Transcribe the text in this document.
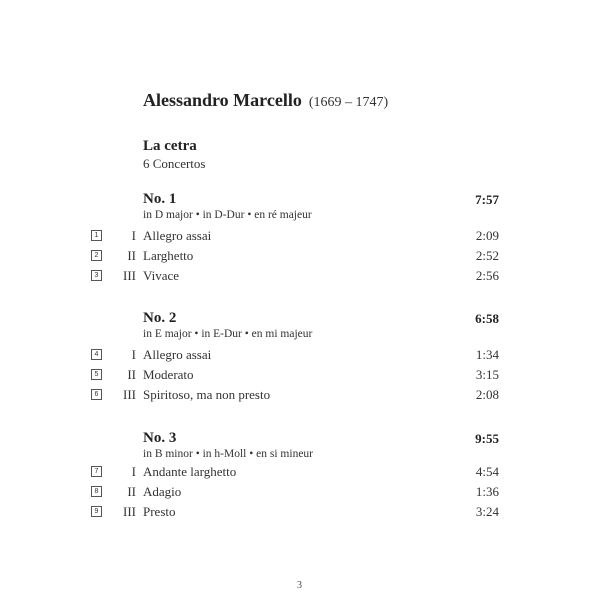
Alessandro Marcello (1669 – 1747)
La cetra
6 Concertos
No. 1	7:57
in D major • in D-Dur • en ré majeur
1	I Allegro assai	2:09
2 II Larghetto	2:52
3 III Vivace	2:56
No. 2	6:58
in E major • in E-Dur • en mi majeur
4	I Allegro assai	1:34
5 II Moderato	3:15
6 III Spiritoso, ma non presto	2:08
No. 3	9:55
in B minor • in h-Moll • en si mineur
7	I Andante larghetto	4:54
8 II Adagio	1:36
9 III Presto	3:24
3
